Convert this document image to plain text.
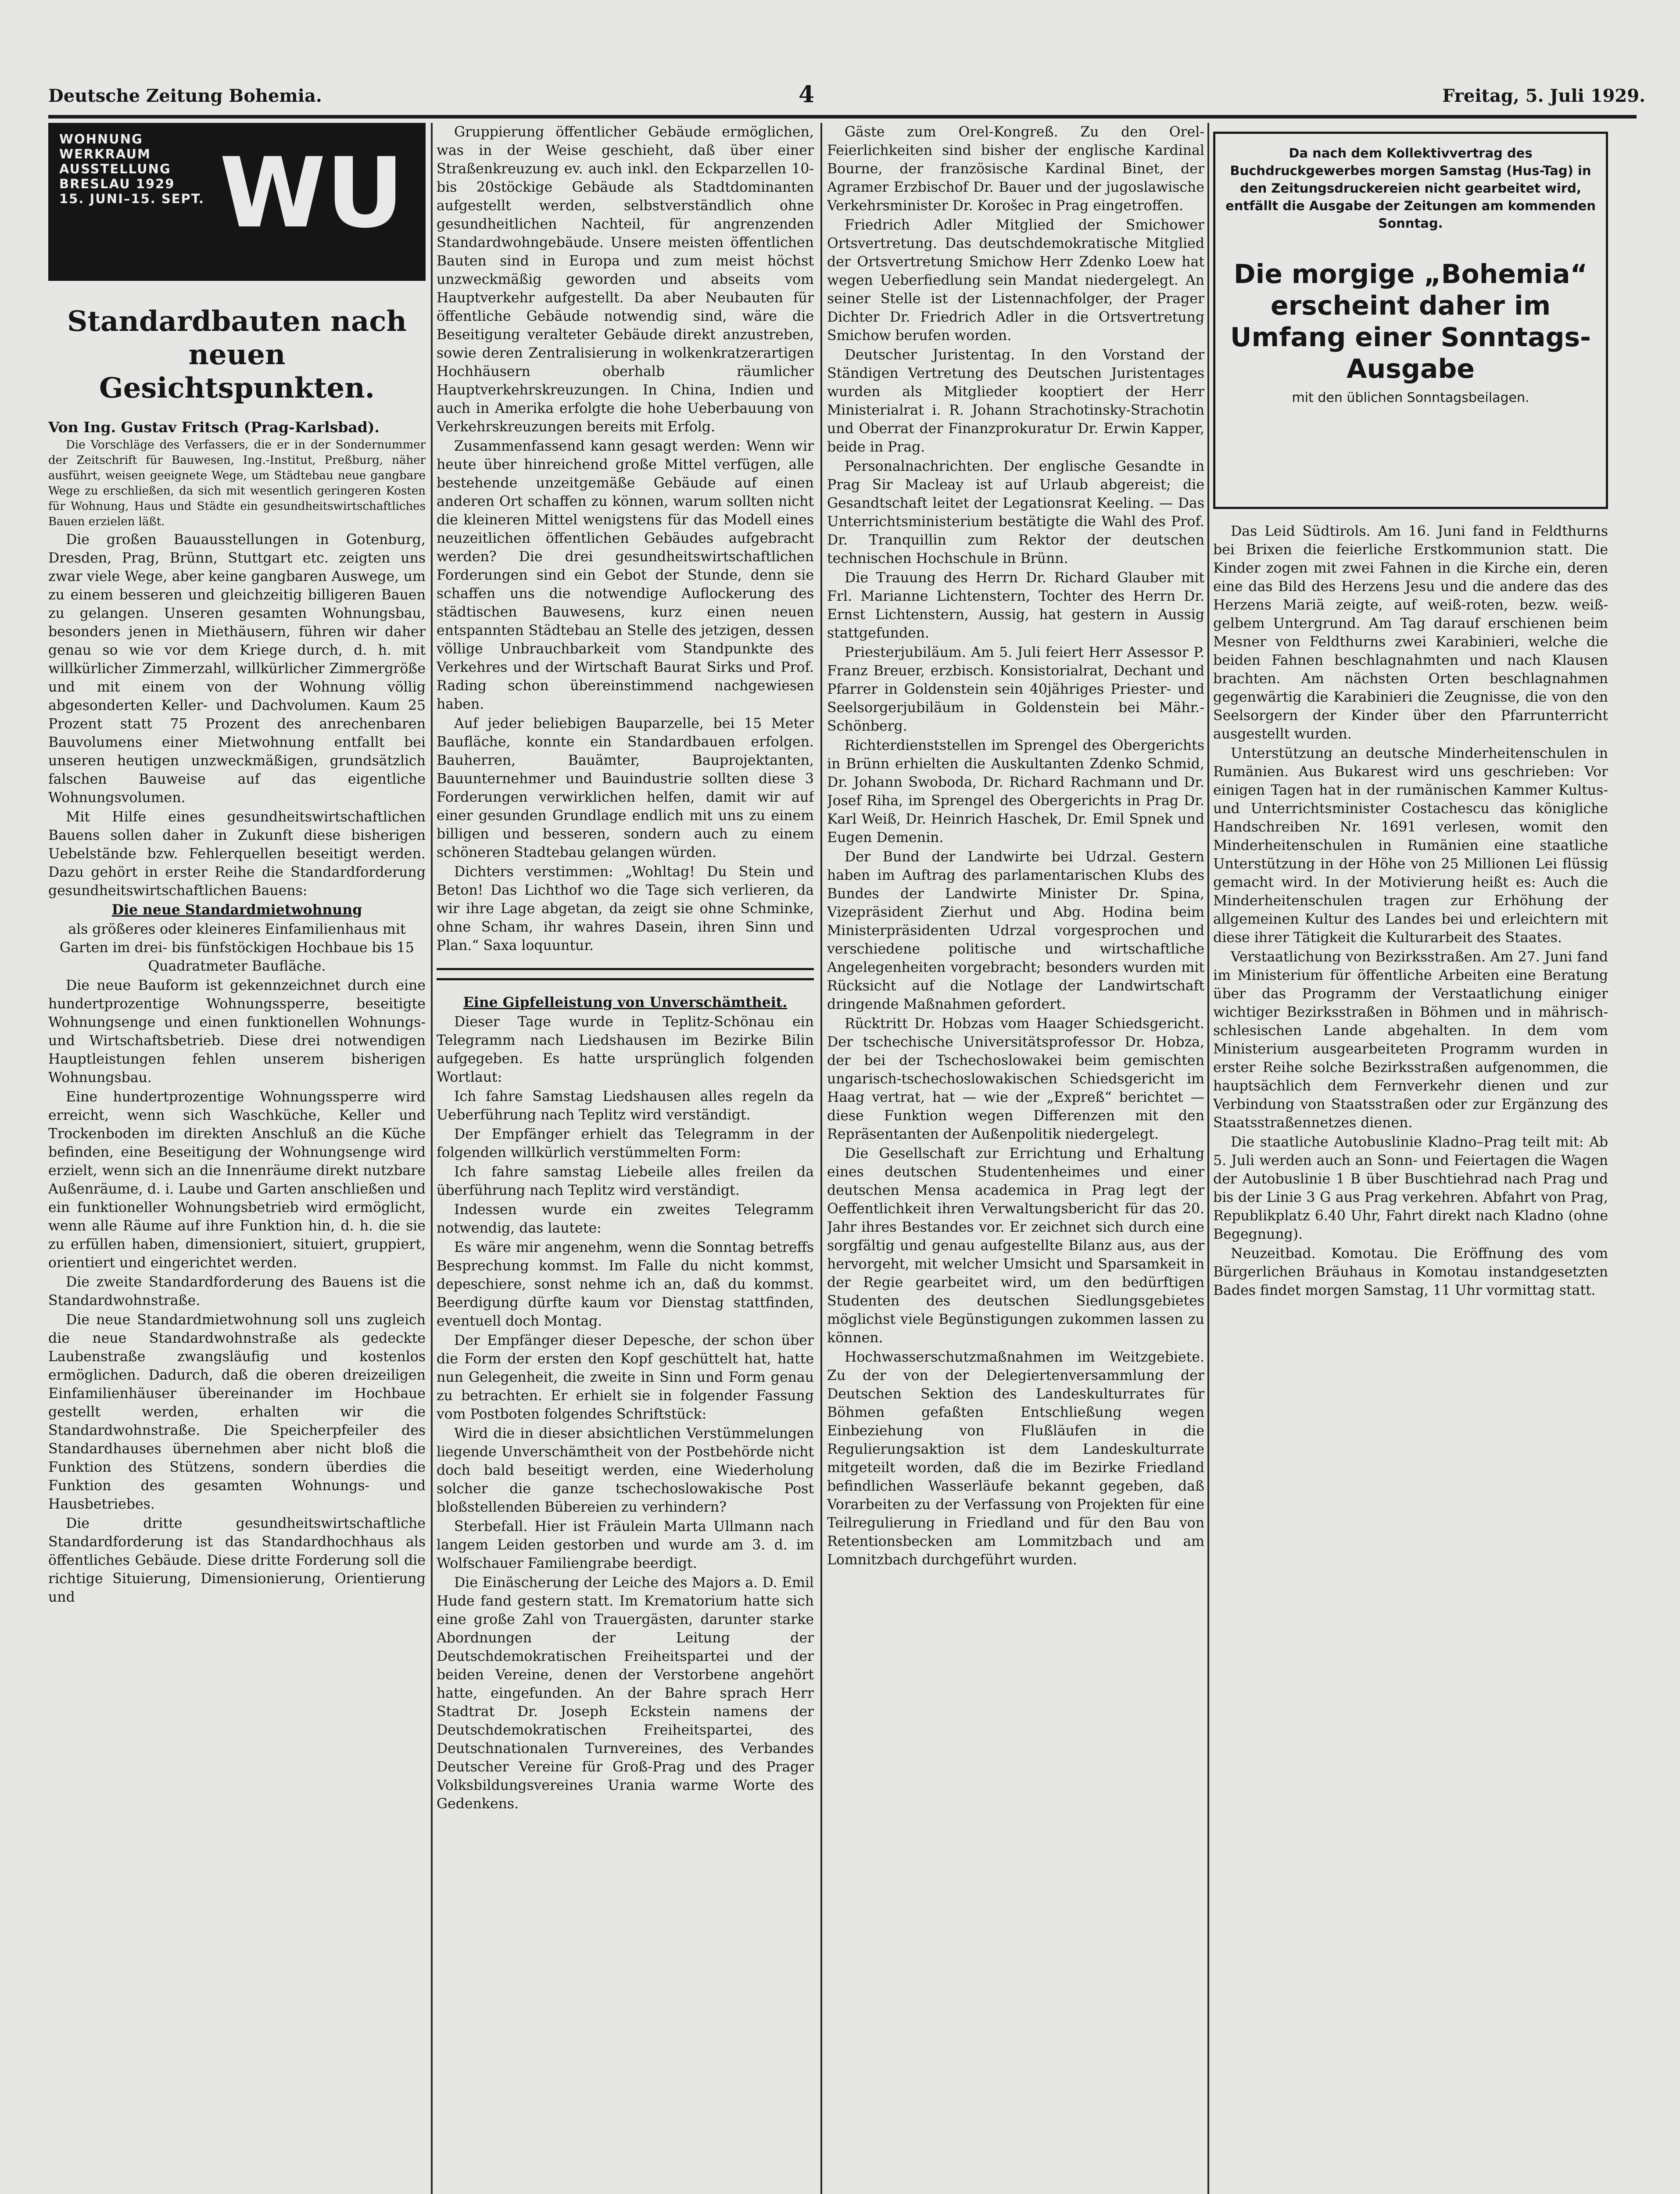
Deutsche Zeitung Bohemia.	4	Freitag, 5. Juli 1929.
WOHNUNG
WERKRAUM
AUSSTELLUNG
BRESLAU 1929
15. JUNI–15. SEPT. WU
Standardbauten nach neuen Gesichtspunkten.

Von Ing. Gustav Fritsch (Prag-Karlsbad).

Die Vorschläge des Verfassers, die er in der Sondernummer der Zeitschrift für Bauwesen, Ing.-Institut, Preßburg, näher ausführt, weisen geeignete Wege, um Städtebau neue gangbare Wege zu erschließen, da sich mit wesentlich geringeren Kosten für Wohnung, Haus und Städte ein gesundheitswirtschaftliches Bauen erzielen läßt.

Die großen Bauausstellungen in Gotenburg, Dresden, Prag, Brünn, Stuttgart etc. zeigten uns zwar viele Wege, aber keine gangbaren Auswege, um zu einem besseren und gleichzeitig billigeren Bauen zu gelangen. Unseren gesamten Wohnungsbau, besonders jenen in Miethäusern, führen wir daher genau so wie vor dem Kriege durch, d. h. mit willkürlicher Zimmerzahl, willkürlicher Zimmergröße und mit einem von der Wohnung völlig abgesonderten Keller- und Dachvolumen. Kaum 25 Prozent statt 75 Prozent des anrechenbaren Bauvolumens einer Mietwohnung entfallt bei unseren heutigen unzweckmäßigen, grundsätzlich falschen Bauweise auf das eigentliche Wohnungsvolumen.

Mit Hilfe eines gesundheitswirtschaftlichen Bauens sollen daher in Zukunft diese bisherigen Uebelstände bzw. Fehlerquellen beseitigt werden. Dazu gehört in erster Reihe die Standardforderung gesundheitswirtschaftlichen Bauens:

Die neue Standardmietwohnung

als größeres oder kleineres Einfamilienhaus mit Garten im drei- bis fünfstöckigen Hochbaue bis 15 Quadratmeter Baufläche.

Die neue Bauform ist gekennzeichnet durch eine hundertprozentige Wohnungssperre, beseitigte Wohnungsenge und einen funktionellen Wohnungs- und Wirtschaftsbetrieb. Diese drei notwendigen Hauptleistungen fehlen unserem bisherigen Wohnungsbau.

Eine hundertprozentige Wohnungssperre wird erreicht, wenn sich Waschküche, Keller und Trockenboden im direkten Anschluß an die Küche befinden, eine Beseitigung der Wohnungsenge wird erzielt, wenn sich an die Innenräume direkt nutzbare Außenräume, d. i. Laube und Garten anschließen und ein funktioneller Wohnungsbetrieb wird ermöglicht, wenn alle Räume auf ihre Funktion hin, d. h. die sie zu erfüllen haben, dimensioniert, situiert, gruppiert, orientiert und eingerichtet werden.

Die zweite Standardforderung des Bauens ist die Standardwohnstraße.

Die neue Standardmietwohnung soll uns zugleich die neue Standardwohnstraße als gedeckte Laubenstraße zwangsläufig und kostenlos ermöglichen. Dadurch, daß die oberen dreizeiligen Einfamilienhäuser übereinander im Hochbaue gestellt werden, erhalten wir die Standardwohnstraße. Die Speicherpfeiler des Standardhauses übernehmen aber nicht bloß die Funktion des Stützens, sondern überdies die Funktion des gesamten Wohnungs- und Hausbetriebes.

Die dritte gesundheitswirtschaftliche Standardforderung ist das Standardhochhaus als öffentliches Gebäude. Diese dritte Forderung soll die richtige Situierung, Dimensionierung, Orientierung und

Gruppierung öffentlicher Gebäude ermöglichen, was in der Weise geschieht, daß über einer Straßenkreuzung ev. auch inkl. den Eckparzellen 10- bis 20stöckige Gebäude als Stadtdominanten aufgestellt werden, selbstverständlich ohne gesundheitlichen Nachteil, für angrenzenden Standardwohngebäude. Unsere meisten öffentlichen Bauten sind in Europa und zum meist höchst unzweckmäßig geworden und abseits vom Hauptverkehr aufgestellt. Da aber Neubauten für öffentliche Gebäude notwendig sind, wäre die Beseitigung veralteter Gebäude direkt anzustreben, sowie deren Zentralisierung in wolkenkratzerartigen Hochhäusern oberhalb räumlicher Hauptverkehrskreuzungen. In China, Indien und auch in Amerika erfolgte die hohe Ueberbauung von Verkehrskreuzungen bereits mit Erfolg.

Zusammenfassend kann gesagt werden: Wenn wir heute über hinreichend große Mittel verfügen, alle bestehende unzeitgemäße Gebäude auf einen anderen Ort schaffen zu können, warum sollten nicht die kleineren Mittel wenigstens für das Modell eines neuzeitlichen öffentlichen Gebäudes aufgebracht werden? Die drei gesundheitswirtschaftlichen Forderungen sind ein Gebot der Stunde, denn sie schaffen uns die notwendige Auflockerung des städtischen Bauwesens, kurz einen neuen entspannten Städtebau an Stelle des jetzigen, dessen völlige Unbrauchbarkeit vom Standpunkte des Verkehres und der Wirtschaft Baurat Sirks und Prof. Rading schon übereinstimmend nachgewiesen haben.

Auf jeder beliebigen Bauparzelle, bei 15 Meter Baufläche, konnte ein Standardbauen erfolgen. Bauherren, Bauämter, Bauprojektanten, Bauunternehmer und Bauindustrie sollten diese 3 Forderungen verwirklichen helfen, damit wir auf einer gesunden Grundlage endlich mit uns zu einem billigen und besseren, sondern auch zu einem schöneren Stadtebau gelangen würden.

Dichters verstimmen: „Wohltag! Du Stein und Beton! Das Lichthof wo die Tage sich verlieren, da wir ihre Lage abgetan, da zeigt sie ohne Schminke, ohne Scham, ihr wahres Dasein, ihren Sinn und Plan.“ Saxa loquuntur.

Eine Gipfelleistung von Unverschämtheit.

Dieser Tage wurde in Teplitz-Schönau ein Telegramm nach Liedshausen im Bezirke Bilin aufgegeben. Es hatte ursprünglich folgenden Wortlaut:

Ich fahre Samstag Liedshausen alles regeln da Ueberführung nach Teplitz wird verständigt.

Der Empfänger erhielt das Telegramm in der folgenden willkürlich verstümmelten Form:

Ich fahre samstag Liebeile alles freilen da überführung nach Teplitz wird verständigt.

Indessen wurde ein zweites Telegramm notwendig, das lautete:

Es wäre mir angenehm, wenn die Sonntag betreffs Besprechung kommst. Im Falle du nicht kommst, depeschiere, sonst nehme ich an, daß du kommst. Beerdigung dürfte kaum vor Dienstag stattfinden, eventuell doch Montag.

Der Empfänger dieser Depesche, der schon über die Form der ersten den Kopf geschüttelt hat, hatte nun Gelegenheit, die zweite in Sinn und Form genau zu betrachten. Er erhielt sie in folgender Fassung vom Postboten folgendes Schriftstück:

Wird die in dieser absichtlichen Verstümmelungen liegende Unverschämtheit von der Postbehörde nicht doch bald beseitigt werden, eine Wiederholung solcher die ganze tschechoslowakische Post bloßstellenden Bübereien zu verhindern?

Sterbefall. Hier ist Fräulein Marta Ullmann nach langem Leiden gestorben und wurde am 3. d. im Wolfschauer Familiengrabe beerdigt.

Die Einäscherung der Leiche des Majors a. D. Emil Hude fand gestern statt. Im Krematorium hatte sich eine große Zahl von Trauergästen, darunter starke Abordnungen der Leitung der Deutschdemokratischen Freiheitspartei und der beiden Vereine, denen der Verstorbene angehört hatte, eingefunden. An der Bahre sprach Herr Stadtrat Dr. Joseph Eckstein namens der Deutschdemokratischen Freiheitspartei, des Deutschnationalen Turnvereines, des Verbandes Deutscher Vereine für Groß-Prag und des Prager Volksbildungsvereines Urania warme Worte des Gedenkens.

Gäste zum Orel-Kongreß. Zu den Orel-Feierlichkeiten sind bisher der englische Kardinal Bourne, der französische Kardinal Binet, der Agramer Erzbischof Dr. Bauer und der jugoslawische Verkehrsminister Dr. Korošec in Prag eingetroffen.

Friedrich Adler Mitglied der Smichower Ortsvertretung. Das deutschdemokratische Mitglied der Ortsvertretung Smichow Herr Zdenko Loew hat wegen Ueberfiedlung sein Mandat niedergelegt. An seiner Stelle ist der Listennachfolger, der Prager Dichter Dr. Friedrich Adler in die Ortsvertretung Smichow berufen worden.

Deutscher Juristentag. In den Vorstand der Ständigen Vertretung des Deutschen Juristentages wurden als Mitglieder kooptiert der Herr Ministerialrat i. R. Johann Strachotinsky-Strachotin und Oberrat der Finanzprokuratur Dr. Erwin Kapper, beide in Prag.

Personalnachrichten. Der englische Gesandte in Prag Sir Macleay ist auf Urlaub abgereist; die Gesandtschaft leitet der Legationsrat Keeling. — Das Unterrichtsministerium bestätigte die Wahl des Prof. Dr. Tranquillin zum Rektor der deutschen technischen Hochschule in Brünn.

Die Trauung des Herrn Dr. Richard Glauber mit Frl. Marianne Lichtenstern, Tochter des Herrn Dr. Ernst Lichtenstern, Aussig, hat gestern in Aussig stattgefunden.

Priesterjubiläum. Am 5. Juli feiert Herr Assessor P. Franz Breuer, erzbisch. Konsistorialrat, Dechant und Pfarrer in Goldenstein sein 40jähriges Priester- und Seelsorgerjubiläum in Goldenstein bei Mähr.-Schönberg.

Richterdienststellen im Sprengel des Obergerichts in Brünn erhielten die Auskultanten Zdenko Schmid, Dr. Johann Swoboda, Dr. Richard Rachmann und Dr. Josef Riha, im Sprengel des Obergerichts in Prag Dr. Karl Weiß, Dr. Heinrich Haschek, Dr. Emil Spnek und Eugen Demenin.

Der Bund der Landwirte bei Udrzal. Gestern haben im Auftrag des parlamentarischen Klubs des Bundes der Landwirte Minister Dr. Spina, Vizepräsident Zierhut und Abg. Hodina beim Ministerpräsidenten Udrzal vorgesprochen und verschiedene politische und wirtschaftliche Angelegenheiten vorgebracht; besonders wurden mit Rücksicht auf die Notlage der Landwirtschaft dringende Maßnahmen gefordert.

Rücktritt Dr. Hobzas vom Haager Schiedsgericht. Der tschechische Universitätsprofessor Dr. Hobza, der bei der Tschechoslowakei beim gemischten ungarisch-tschechoslowakischen Schiedsgericht im Haag vertrat, hat — wie der „Expreß“ berichtet — diese Funktion wegen Differenzen mit den Repräsentanten der Außenpolitik niedergelegt.

Die Gesellschaft zur Errichtung und Erhaltung eines deutschen Studentenheimes und einer deutschen Mensa academica in Prag legt der Oeffentlichkeit ihren Verwaltungsbericht für das 20. Jahr ihres Bestandes vor. Er zeichnet sich durch eine sorgfältig und genau aufgestellte Bilanz aus, aus der hervorgeht, mit welcher Umsicht und Sparsamkeit in der Regie gearbeitet wird, um den bedürftigen Studenten des deutschen Siedlungsgebietes möglichst viele Begünstigungen zukommen lassen zu können.

Hochwasserschutzmaßnahmen im Weitzgebiete. Zu der von der Delegiertenversammlung der Deutschen Sektion des Landeskulturrates für Böhmen gefaßten Entschließung wegen Einbeziehung von Flußläufen in die Regulierungsaktion ist dem Landeskulturrate mitgeteilt worden, daß die im Bezirke Friedland befindlichen Wasserläufe bekannt gegeben, daß Vorarbeiten zu der Verfassung von Projekten für eine Teilregulierung in Friedland und für den Bau von Retentionsbecken am Lommitzbach und am Lomnitzbach durchgeführt wurden.

Da nach dem Kollektivvertrag des Buchdruckgewerbes morgen Samstag (Hus-Tag) in den Zeitungsdruckereien nicht gearbeitet wird, entfällt die Ausgabe der Zeitungen am kommenden Sonntag.
Die morgige „Bohemia“ erscheint daher im Umfang einer Sonntags-Ausgabe
mit den üblichen Sonntagsbeilagen.

Das Leid Südtirols. Am 16. Juni fand in Feldthurns bei Brixen die feierliche Erstkommunion statt. Die Kinder zogen mit zwei Fahnen in die Kirche ein, deren eine das Bild des Herzens Jesu und die andere das des Herzens Mariä zeigte, auf weiß-roten, bezw. weiß-gelbem Untergrund. Am Tag darauf erschienen beim Mesner von Feldthurns zwei Karabinieri, welche die beiden Fahnen beschlagnahmten und nach Klausen brachten. Am nächsten Orten beschlagnahmen gegenwärtig die Karabinieri die Zeugnisse, die von den Seelsorgern der Kinder über den Pfarrunterricht ausgestellt wurden.

Unterstützung an deutsche Minderheitenschulen in Rumänien. Aus Bukarest wird uns geschrieben: Vor einigen Tagen hat in der rumänischen Kammer Kultus- und Unterrichtsminister Costachescu das königliche Handschreiben Nr. 1691 verlesen, womit den Minderheitenschulen in Rumänien eine staatliche Unterstützung in der Höhe von 25 Millionen Lei flüssig gemacht wird. In der Motivierung heißt es: Auch die Minderheitenschulen tragen zur Erhöhung der allgemeinen Kultur des Landes bei und erleichtern mit diese ihrer Tätigkeit die Kulturarbeit des Staates.

Verstaatlichung von Bezirksstraßen. Am 27. Juni fand im Ministerium für öffentliche Arbeiten eine Beratung über das Programm der Verstaatlichung einiger wichtiger Bezirksstraßen in Böhmen und in mährisch-schlesischen Lande abgehalten. In dem vom Ministerium ausgearbeiteten Programm wurden in erster Reihe solche Bezirksstraßen aufgenommen, die hauptsächlich dem Fernverkehr dienen und zur Verbindung von Staatsstraßen oder zur Ergänzung des Staatsstraßennetzes dienen.

Die staatliche Autobuslinie Kladno–Prag teilt mit: Ab 5. Juli werden auch an Sonn- und Feiertagen die Wagen der Autobuslinie 1 B über Buschtiehrad nach Prag und bis der Linie 3 G aus Prag verkehren. Abfahrt von Prag, Republikplatz 6.40 Uhr, Fahrt direkt nach Kladno (ohne Begegnung).

Neuzeitbad. Komotau. Die Eröffnung des vom Bürgerlichen Bräuhaus in Komotau instandgesetzten Bades findet morgen Samstag, 11 Uhr vormittag statt.
